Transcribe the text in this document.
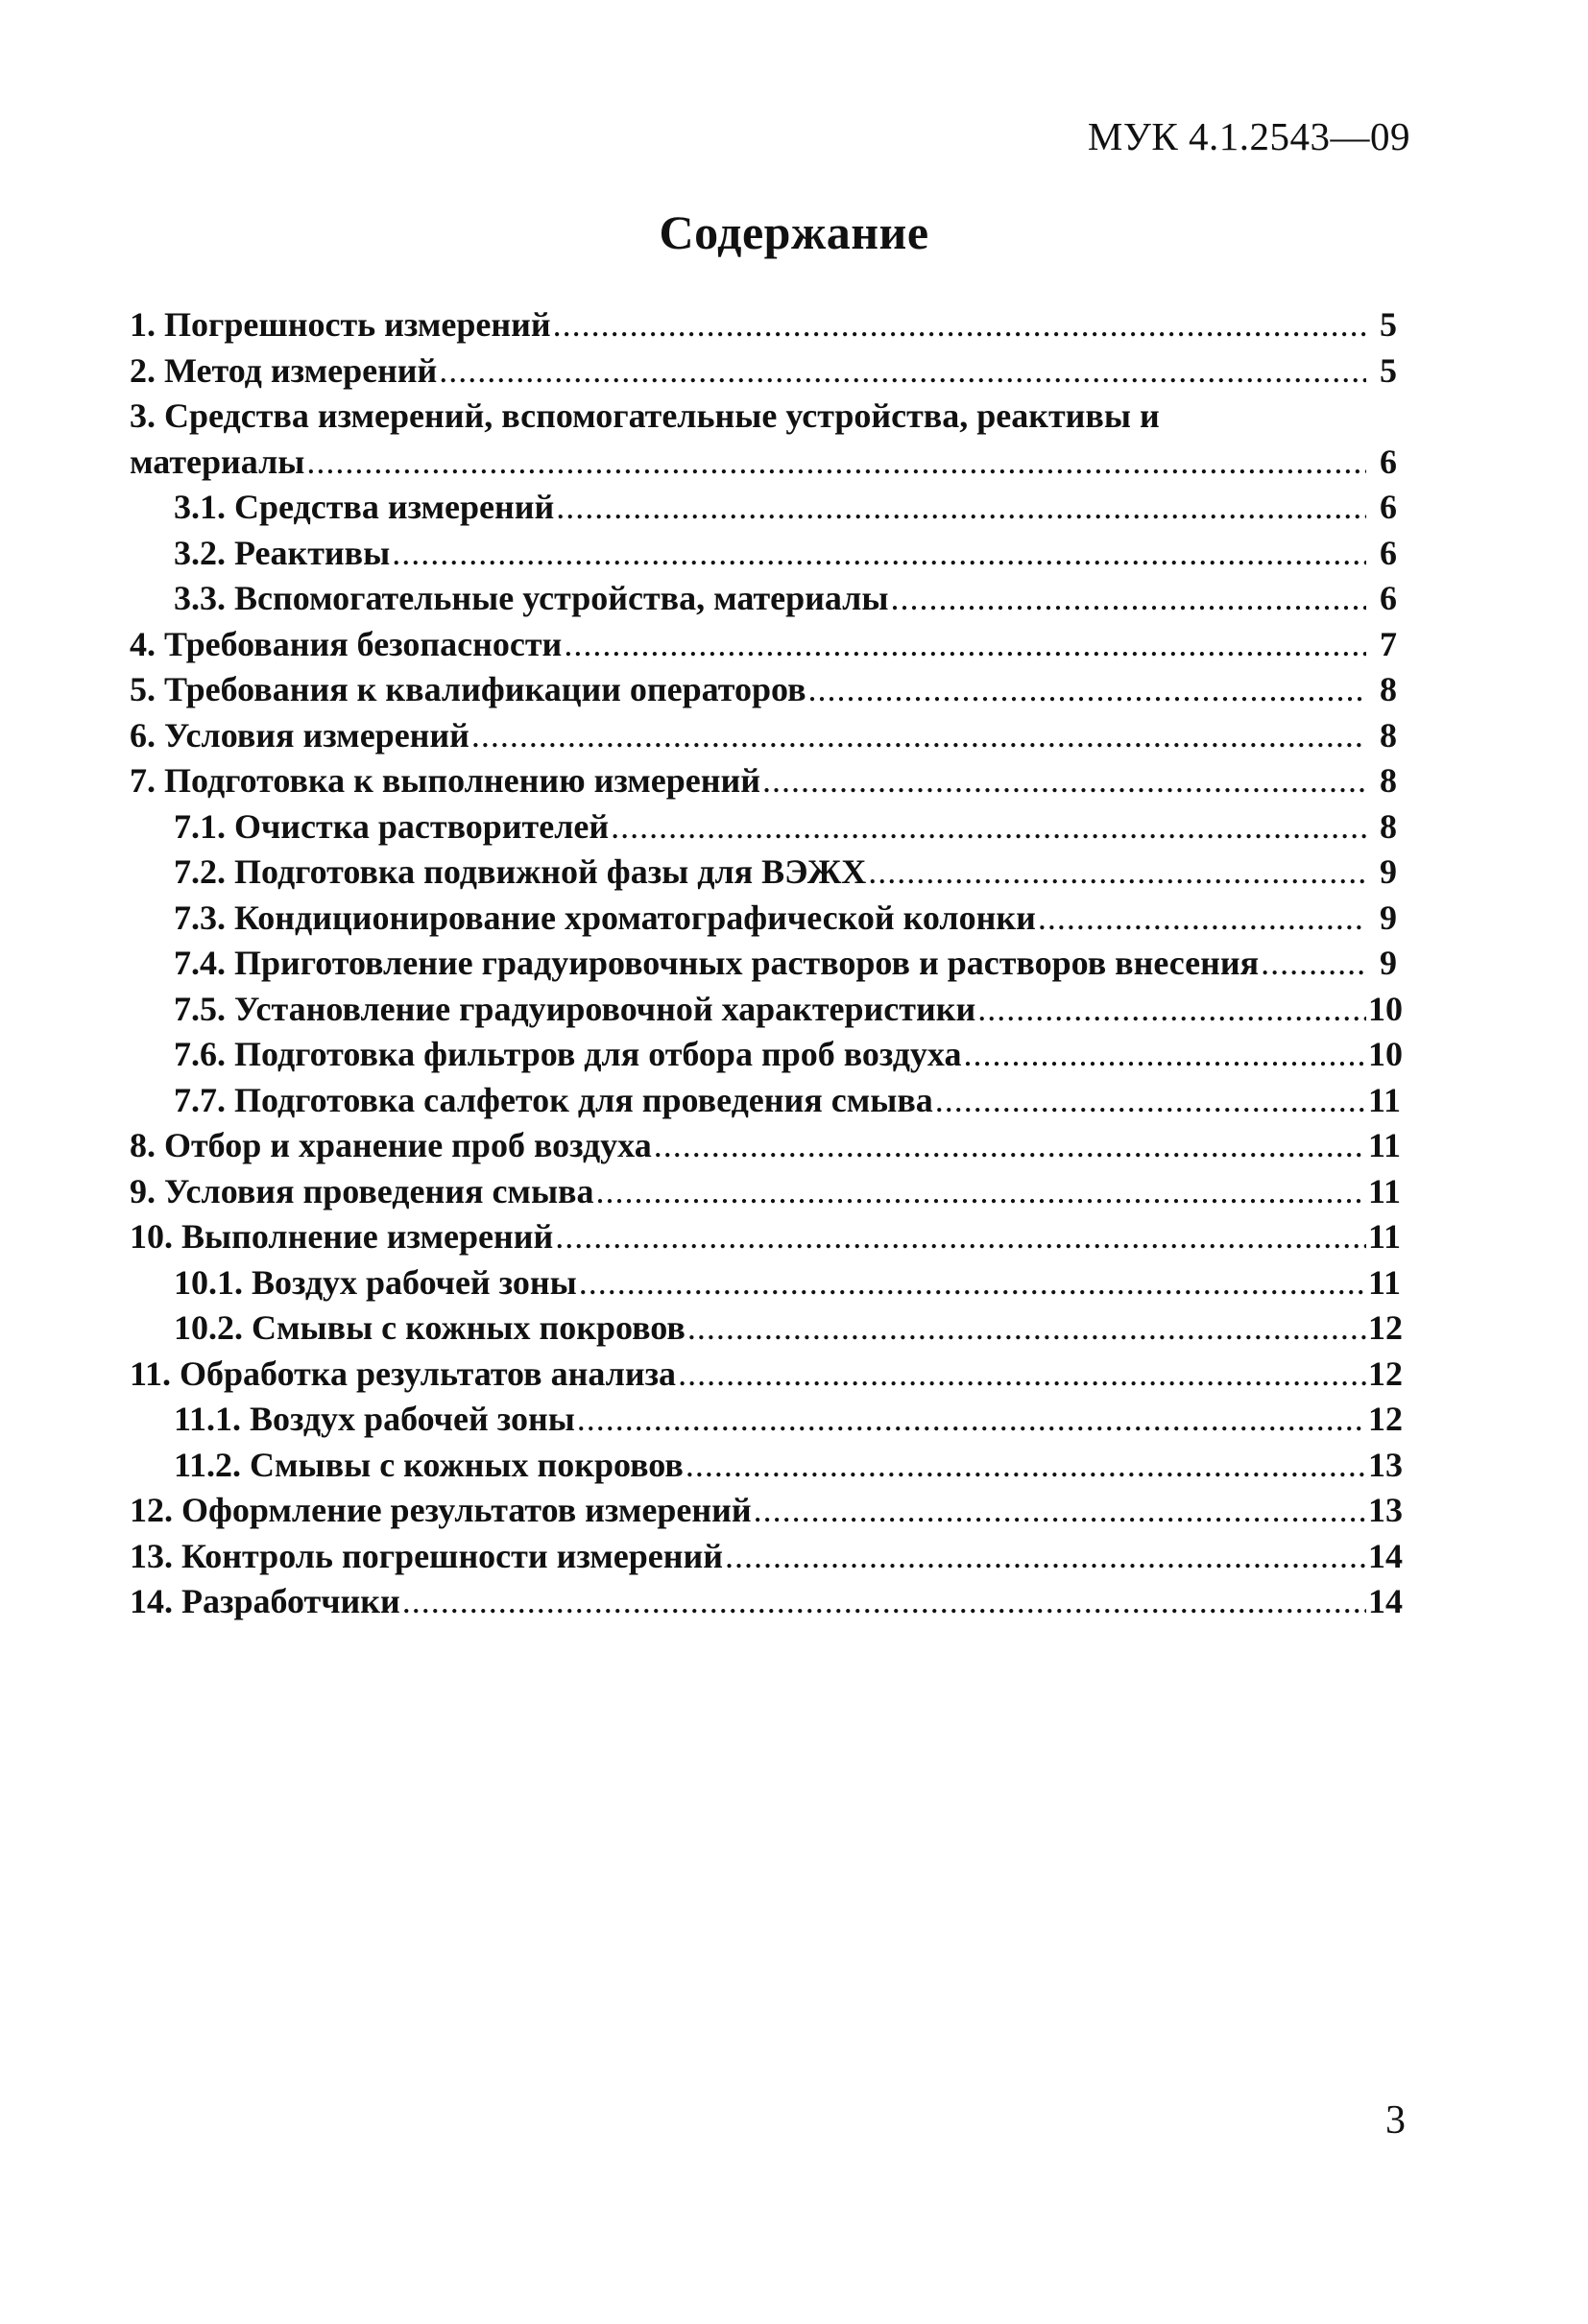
МУК 4.1.2543—09
Содержание
1. Погрешность измерений .....	5
2. Метод измерений .....	5
3. Средства измерений, вспомогательные устройства, реактивы и
материалы .....	6
3.1. Средства измерений .....	6
3.2. Реактивы .....	6
3.3. Вспомогательные устройства, материалы .....	6
4. Требования безопасности .....	7
5. Требования к квалификации операторов .....	8
6. Условия измерений .....	8
7. Подготовка к выполнению измерений .....	8
7.1. Очистка растворителей .....	8
7.2. Подготовка подвижной фазы для ВЭЖХ .....	9
7.3. Кондиционирование хроматографической колонки .....	9
7.4. Приготовление градуировочных растворов и растворов внесения .....	9
7.5. Установление градуировочной характеристики .....	10
7.6. Подготовка фильтров для отбора проб воздуха .....	10
7.7. Подготовка салфеток для проведения смыва .....	11
8. Отбор и хранение проб воздуха .....	11
9. Условия проведения смыва .....	11
10. Выполнение измерений .....	11
10.1. Воздух рабочей зоны .....	11
10.2. Смывы с кожных покровов .....	12
11. Обработка результатов анализа .....	12
11.1. Воздух рабочей зоны .....	12
11.2. Смывы с кожных покровов .....	13
12. Оформление результатов измерений .....	13
13. Контроль погрешности измерений .....	14
14. Разработчики .....	14
3
